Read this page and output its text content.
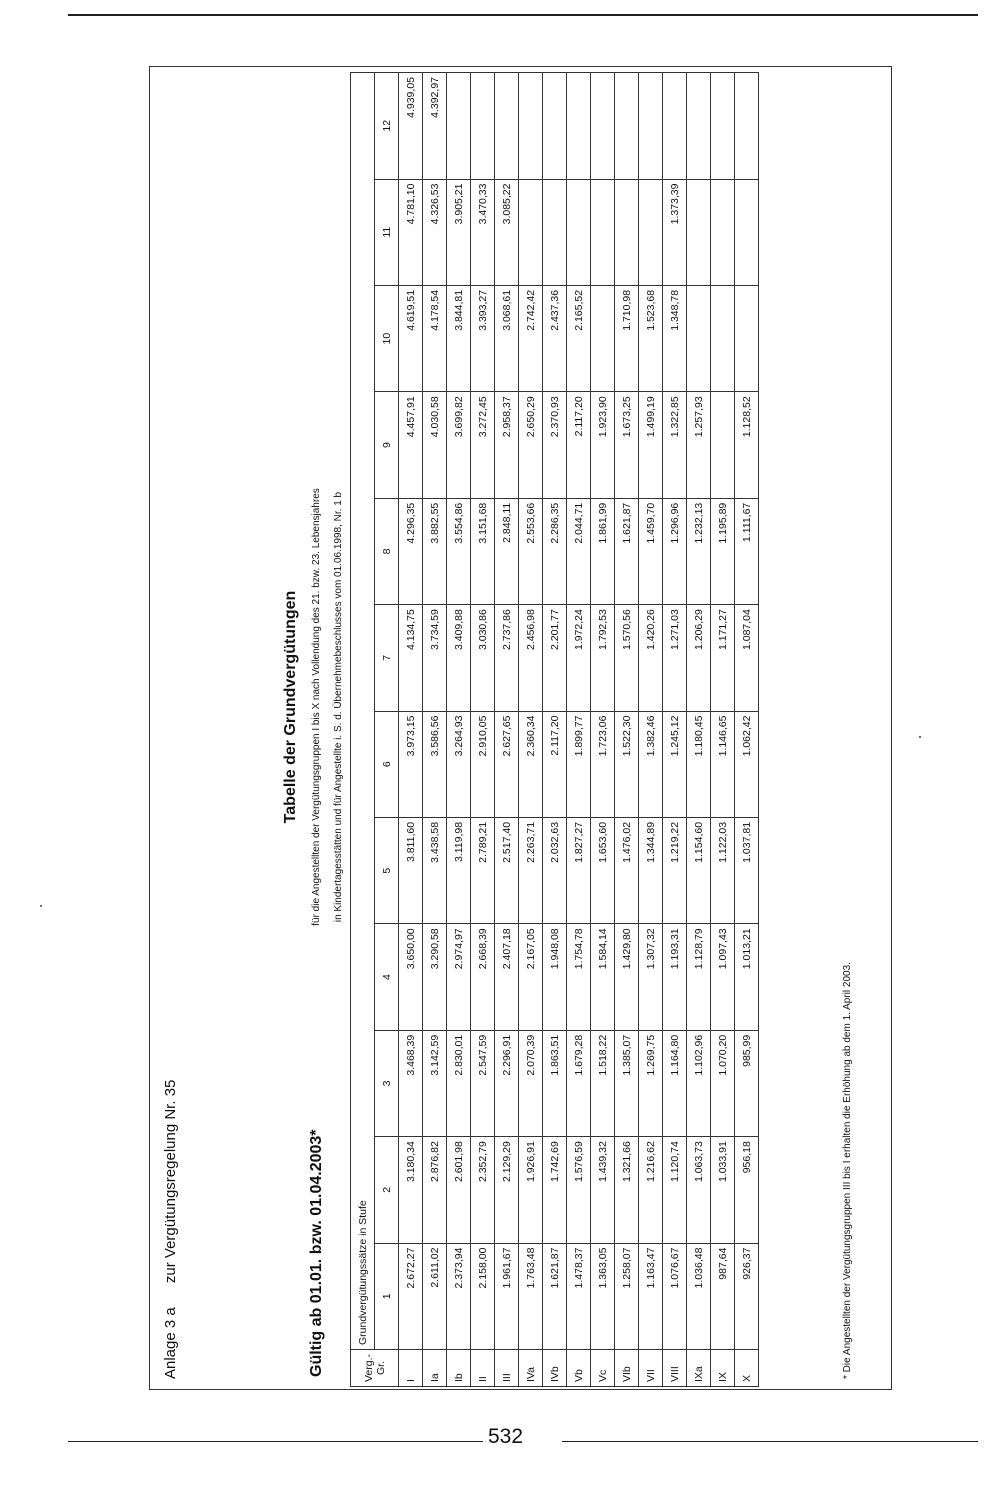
Anlage 3 a zur Vergütungsregelung Nr. 35
Tabelle der Grundvergütungen für die Angestellten der Vergütungsgruppen I bis X nach Vollendung des 21. bzw. 23. Lebensjahres in Kindertagesstätten und für Angestellte i. S. d. Übernehmebeschlusses vom 01.06.1998, Nr. 1 b
Gültig ab 01.01. bzw. 01.04.2003*	Verg.-Gr.	Grundvergütungssätze in Stufe											
	1	2	3	4	5	6	7	8	9	10	11	12
I	2.672,27	3.180,34	3.468,39	3.650,00	3.811,60	3.973,15	4.134,75	4.296,35	4.457,91	4.619,51	4.781,10	4.939,05
Ia	2.611,02	2.876,82	3.142,59	3.290,58	3.438,58	3.586,56	3.734,59	3.882,55	4.030,58	4.178,54	4.326,53	4.392,97
Ib	2.373,94	2.601,98	2.830,01	2.974,97	3.119,98	3.264,93	3.409,88	3.554,86	3.699,82	3.844,81	3.905,21	
II	2.158,00	2.352,79	2.547,59	2.668,39	2.789,21	2.910,05	3.030,86	3.151,68	3.272,45	3.393,27	3.470,33	
III	1.961,67	2.129,29	2.296,91	2.407,18	2.517,40	2.627,65	2.737,86	2.848,11	2.958,37	3.068,61	3.085,22	
IVa	1.763,48	1.926,91	2.070,39	2.167,05	2.263,71	2.360,34	2.456,98	2.553,66	2.650,29	2.742,42		
IVb	1.621,87	1.742,69	1.863,51	1.948,08	2.032,63	2.117,20	2.201,77	2.286,35	2.370,93	2.437,36		
Vb	1.478,37	1.576,59	1.679,28	1.754,78	1.827,27	1.899,77	1.972,24	2.044,71	2.117,20	2.165,52		
Vc	1.363,05	1.439,32	1.518,22	1.584,14	1.653,60	1.723,06	1.792,53	1.861,99	1.923,90			
VIb	1.258,07	1.321,66	1.385,07	1.429,80	1.476,02	1.522,30	1.570,56	1.621,87	1.673,25	1.710,98		
VII	1.163,47	1.216,62	1.269,75	1.307,32	1.344,89	1.382,46	1.420,26	1.459,70	1.499,19	1.523,68		
VIII	1.076,67	1.120,74	1.164,80	1.193,31	1.219,22	1.245,12	1.271,03	1.296,96	1.322,85	1.348,78	1.373,39	
IXa	1.036,48	1.063,73	1.102,96	1.128,79	1.154,60	1.180,45	1.206,29	1.232,13	1.257,93			
IX	987,64	1.033,91	1.070,20	1.097,43	1.122,03	1.146,65	1.171,27	1.195,89				
X	926,37	956,18	985,99	1.013,21	1.037,81	1.062,42	1.087,04	1.111,67	1.128,52			
* Die Angestellten der Vergütungsgruppen III bis I erhalten die Erhöhung ab dem 1. April 2003.
532
